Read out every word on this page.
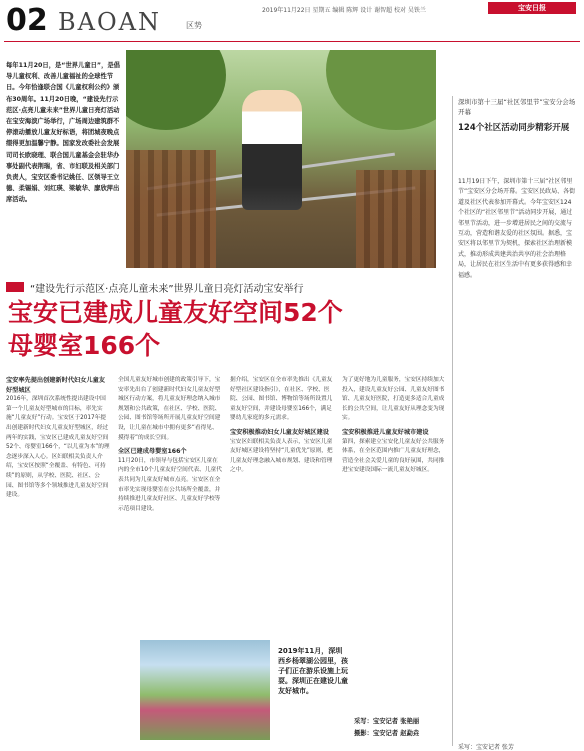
02 BAOAN	区势
2019年11月22日 星期五 编辑 陈辉 设计 谢智超 校对 吴铁兰	宝安日报
每年11月20日，是“世界儿童日”，是倡导儿童权利、改善儿童福祉的全球性节日。今年恰逢联合国《儿童权利公约》颁布30周年。11月20日晚，“建设先行示范区·点亮儿童未来”世界儿童日亮灯活动在宝安海滨广场举行，广场周边建筑群不停滚动播放儿童友好标语，将团城夜晚点缀得更加温馨宁静。国家发改委社会发展司司长欧晓理、联合国儿童基金会驻华办事处副代表荆瑞，省、市妇联及相关部门负责人，宝安区委书记姚任、区领导王立德、柔锡娟、刘红瑛、梁敏华、廖欣萍出席活动。
“建设先行示范区·点亮儿童未来”世界儿童日亮灯活动宝安举行
宝安已建成儿童友好空间52个
母婴室166个
宝安率先提出创建新时代妇女儿童友好型城区
2016年，深圳首次系统性提出建设中国第一个儿童友好型城市的目标，率先实施“儿童友好”行动。宝安区于2017年提出创建新时代妇女儿童友好型城区，经过两年的实践，宝安区已建成儿童友好空间52个、母婴室166个，“以儿童为本”的理念逐步深入人心。区妇联相关负责人介绍，宝安区按照“全覆盖、有特色、可持续”的原则，从学校、医院、社区、公园、图书馆等多个领域推进儿童友好空间建设。
全国儿童友好城市创建的政策引导下，宝安率先出台了创建新时代妇女儿童友好型城区行动方案，将儿童友好理念纳入城市规划和公共政策，在社区、学校、医院、公园、图书馆等场所开展儿童友好空间建设，让儿童在城市中拥有更多“看得见、摸得着”的成长空间。
全区已建成母婴室166个
11月20日，市领导与包括宝安区儿童在内的全市10个儿童友好空间代表、儿童代表共同为儿童友好城市点亮。宝安区在全市率先实现母婴室在公共场所全覆盖，并持续推进儿童友好社区、儿童友好学校等示范项目建设。
据介绍，宝安区在全市率先推出《儿童友好型社区建设指引》，在社区、学校、医院、公园、图书馆、博物馆等场所设置儿童友好空间，并建设母婴室166个，满足婴幼儿家庭的多元需求。
宝安积极推动妇女儿童友好城区建设
宝安区妇联相关负责人表示，宝安区儿童友好城区建设将坚持“儿童优先”原则，把儿童友好理念融入城市规划、建设和管理之中。
为了更好地为儿童服务，宝安区持续加大投入，建设儿童友好公园、儿童友好图书馆、儿童友好医院，打造更多适合儿童成长的公共空间，让儿童友好从理念变为现实。
宝安积极推进儿童友好城市建设
第四，探索建立宝安化儿童友好公共服务体系，在全区范围内推广儿童友好理念，营造全社会关爱儿童的良好氛围，共同推进宝安建设国际一流儿童友好城区。
2019年11月，深圳西乡杨翠湖公园里，孩子们正在游乐设施上玩耍。深圳正在建设儿童友好城市。
采写：宝安记者 张艳丽
摄影：宝安记者 赵勐垚
深圳市第十三届“社区邻里节”宝安分会场开幕
124个社区活动同步精彩开展
11月19日下午，深圳市第十三届“社区邻里节”宝安区分会场开幕。宝安区民政局、各街道及社区代表参加开幕式。今年宝安区124个社区的“社区邻里节”活动同步开展，通过邻里节活动，进一步增进居民之间的交流与互动，营造和谐友爱的社区氛围。据悉，宝安区将以邻里节为契机，探索社区治理新模式，推动形成共建共治共享的社会治理格局，让居民在社区生活中有更多获得感和幸福感。
采写：宝安记者 张芳
